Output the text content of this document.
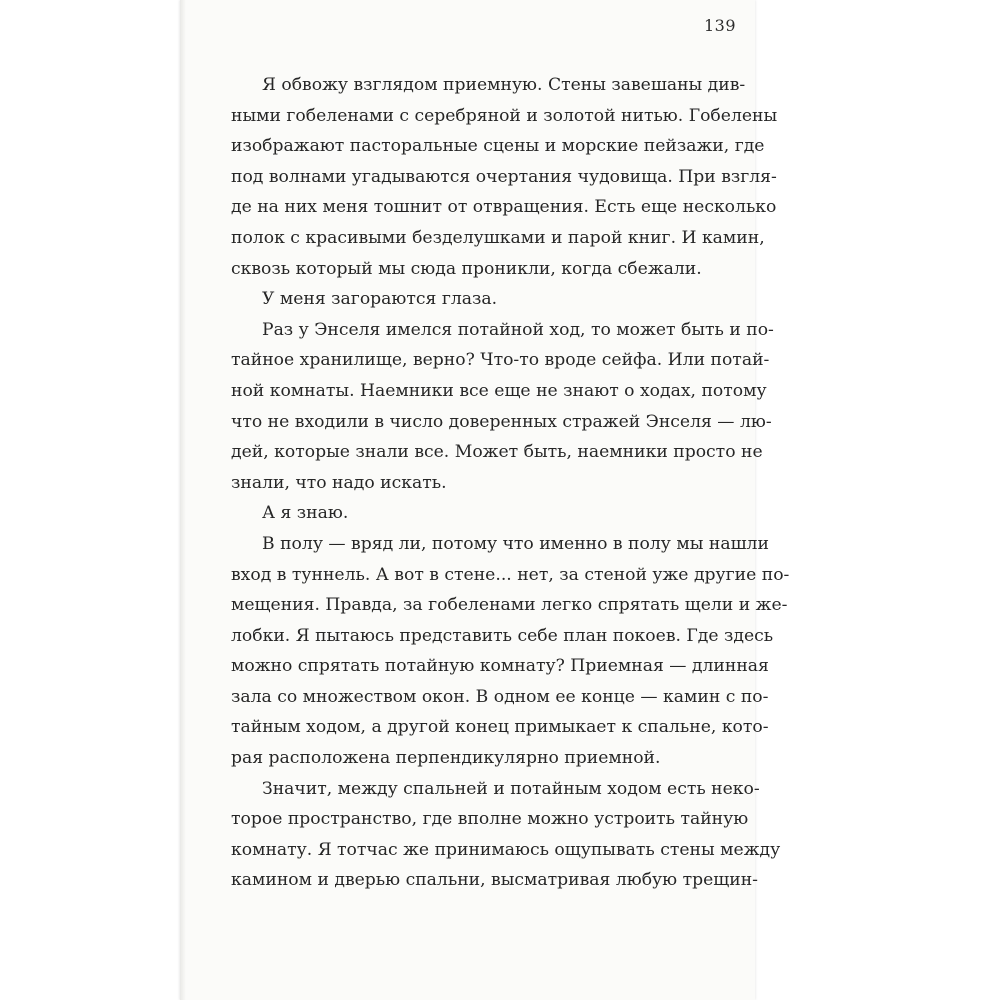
139
Я обвожу взглядом приемную. Стены завешаны див-
ными гобеленами с серебряной и золотой нитью. Гобелены
изображают пасторальные сцены и морские пейзажи, где
под волнами угадываются очертания чудовища. При взгля-
де на них меня тошнит от отвращения. Есть еще несколько
полок с красивыми безделушками и парой книг. И камин,
сквозь который мы сюда проникли, когда сбежали.
У меня загораются глаза.
Раз у Энселя имелся потайной ход, то может быть и по-
тайное хранилище, верно? Что-то вроде сейфа. Или потай-
ной комнаты. Наемники все еще не знают о ходах, потому
что не входили в число доверенных стражей Энселя — лю-
дей, которые знали все. Может быть, наемники просто не
знали, что надо искать.
А я знаю.
В полу — вряд ли, потому что именно в полу мы нашли
вход в туннель. А вот в стене... нет, за стеной уже другие по-
мещения. Правда, за гобеленами легко спрятать щели и же-
лобки. Я пытаюсь представить себе план покоев. Где здесь
можно спрятать потайную комнату? Приемная — длинная
зала со множеством окон. В одном ее конце — камин с по-
тайным ходом, а другой конец примыкает к спальне, кото-
рая расположена перпендикулярно приемной.
Значит, между спальней и потайным ходом есть неко-
торое пространство, где вполне можно устроить тайную
комнату. Я тотчас же принимаюсь ощупывать стены между
камином и дверью спальни, высматривая любую трещин-
